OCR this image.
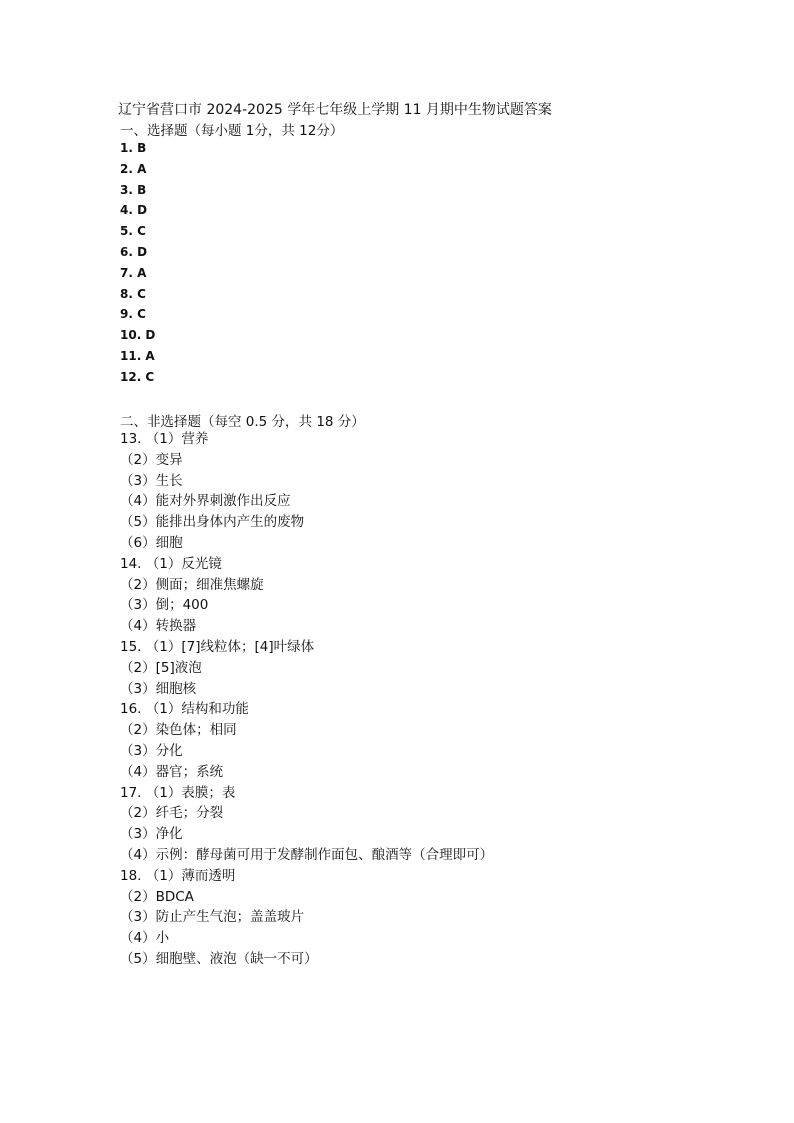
辽宁省营口市 2024-2025 学年七年级上学期 11 月期中生物试题答案
一、选择题（每小题 1分，共 12分）
1. B
2. A
3. B
4. D
5. C
6. D
7. A
8. C
9. C
10. D
11. A
12. C
二、非选择题（每空 0.5 分，共 18 分）
13. （1）营养
（2）变异
（3）生长
（4）能对外界刺激作出反应
（5）能排出身体内产生的废物
（6）细胞
14. （1）反光镜
（2）侧面；细准焦螺旋
（3）倒；400
（4）转换器
15. （1）[7]线粒体；[4]叶绿体
（2）[5]液泡
（3）细胞核
16. （1）结构和功能
（2）染色体；相同
（3）分化
（4）器官；系统
17. （1）表膜；表
（2）纤毛；分裂
（3）净化
（4）示例：酵母菌可用于发酵制作面包、酿酒等（合理即可）
18. （1）薄而透明
（2）BDCA
（3）防止产生气泡；盖盖玻片
（4）小
（5）细胞壁、液泡（缺一不可）
